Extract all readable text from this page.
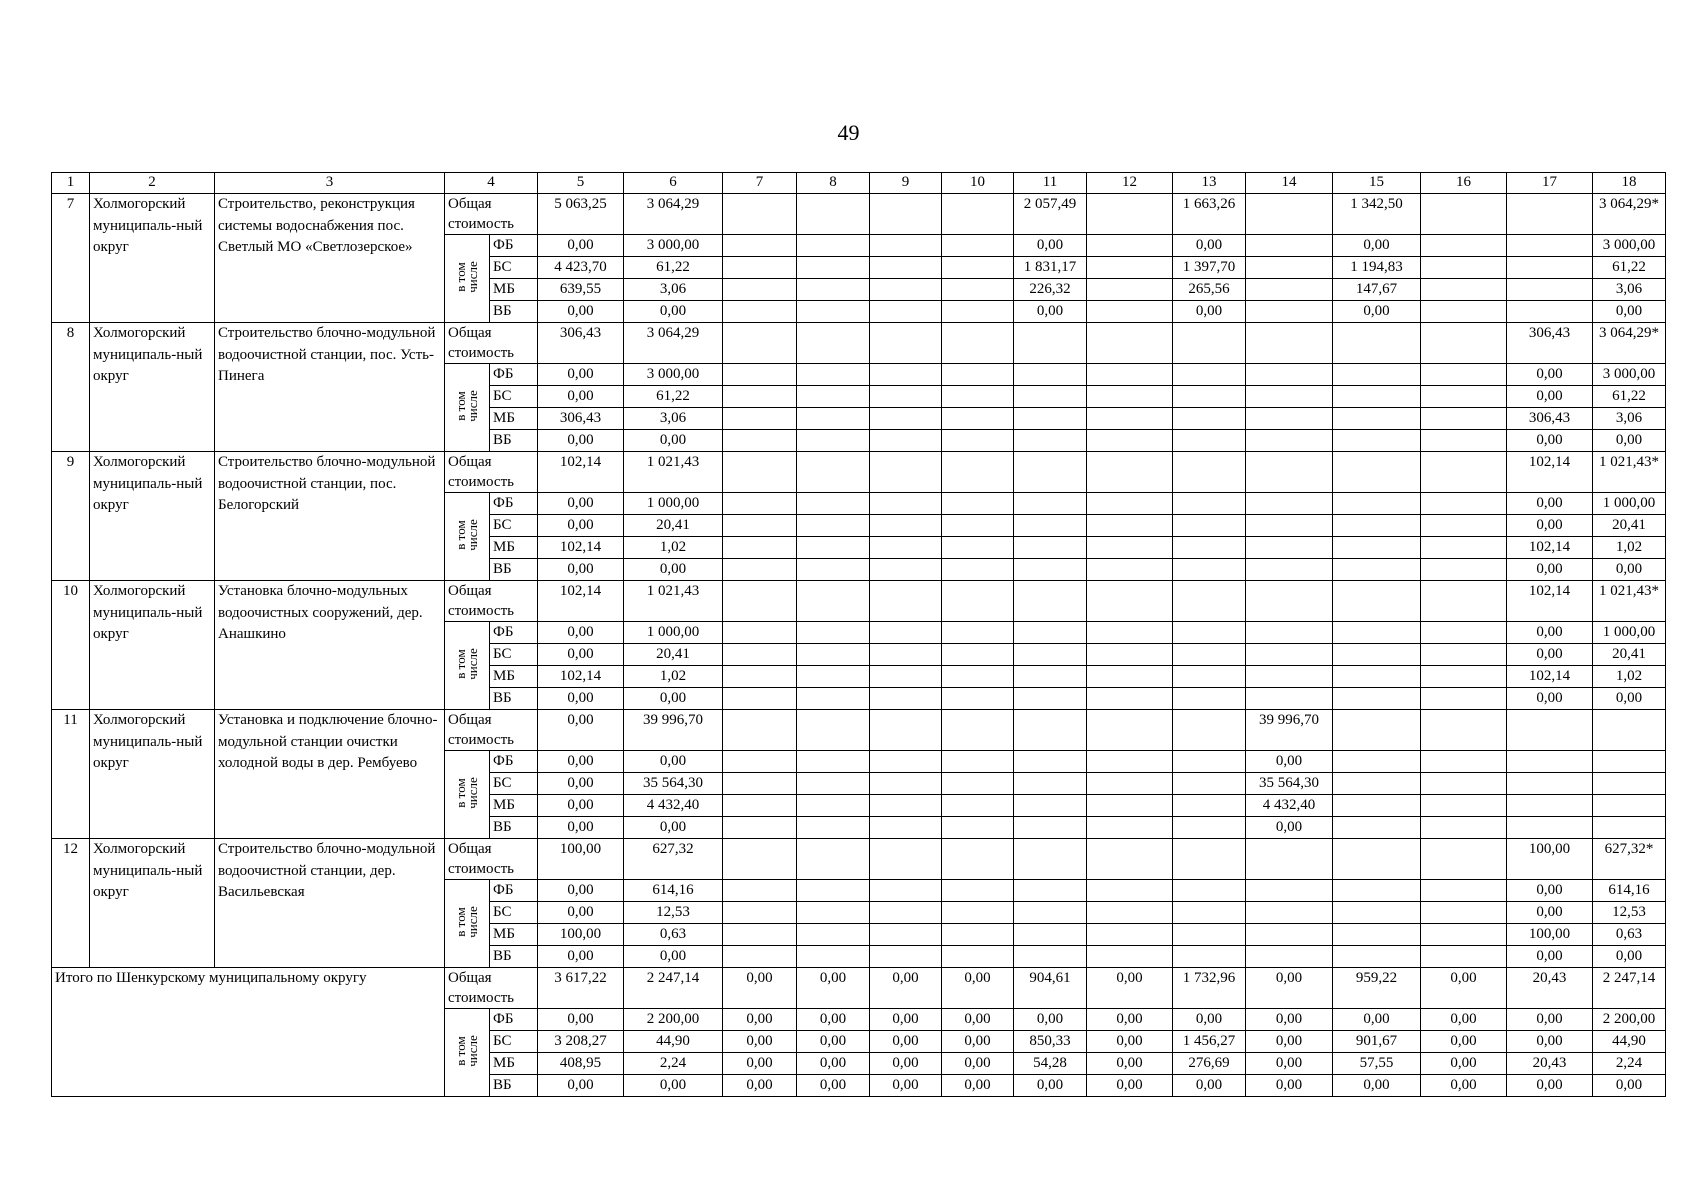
49
1	2	3	4		5	6	7	8	9	10	11	12	13	14	15	16	17	18
7	Холмогорский муниципаль-ный округ	Строительство, реконструкция системы водоснабжения пос. Светлый МО «Светлозерское»	Общая стоимость		5 063,25	3 064,29					2 057,49		1 663,26		1 342,50			3 064,29*

			в том числе	ФБ	0,00	3 000,00					0,00		0,00		0,00			3 000,00
				БС	4 423,70	61,22					1 831,17		1 397,70		1 194,83			61,22
				МБ	639,55	3,06					226,32		265,56		147,67			3,06
				ВБ	0,00	0,00					0,00		0,00		0,00			0,00
8	Холмогорский муниципаль-ный округ	Строительство блочно-модульной водоочистной станции, пос. Усть-Пинега	Общая стоимость		306,43	3 064,29											306,43	3 064,29*

			в том числе	ФБ	0,00	3 000,00											0,00	3 000,00
				БС	0,00	61,22											0,00	61,22
				МБ	306,43	3,06											306,43	3,06
				ВБ	0,00	0,00											0,00	0,00
9	Холмогорский муниципаль-ный округ	Строительство блочно-модульной водоочистной станции, пос. Белогорский	Общая стоимость		102,14	1 021,43											102,14	1 021,43*

			в том числе	ФБ	0,00	1 000,00											0,00	1 000,00
				БС	0,00	20,41											0,00	20,41
				МБ	102,14	1,02											102,14	1,02
				ВБ	0,00	0,00											0,00	0,00
10	Холмогорский муниципаль-ный округ	Установка блочно-модульных водоочистных сооружений, дер. Анашкино	Общая стоимость		102,14	1 021,43											102,14	1 021,43*

			в том числе	ФБ	0,00	1 000,00											0,00	1 000,00
				БС	0,00	20,41											0,00	20,41
				МБ	102,14	1,02											102,14	1,02
				ВБ	0,00	0,00											0,00	0,00
11	Холмогорский муниципаль-ный округ	Установка и подключение блочно-модульной станции очистки холодной воды в дер. Рембуево	Общая стоимость		0,00	39 996,70								39 996,70				

			в том числе	ФБ	0,00	0,00								0,00				
				БС	0,00	35 564,30								35 564,30				
				МБ	0,00	4 432,40								4 432,40				
				ВБ	0,00	0,00								0,00				
12	Холмогорский муниципаль-ный округ	Строительство блочно-модульной водоочистной станции, дер. Васильевская	Общая стоимость		100,00	627,32											100,00	627,32*

			в том числе	ФБ	0,00	614,16											0,00	614,16
				БС	0,00	12,53											0,00	12,53
				МБ	100,00	0,63											100,00	0,63
				ВБ	0,00	0,00											0,00	0,00
Итого по Шенкурскому муниципальному округу			Общая стоимость		3 617,22	2 247,14	0,00	0,00	0,00	0,00	904,61	0,00	1 732,96	0,00	959,22	0,00	20,43	2 247,14

			в том числе	ФБ	0,00	2 200,00	0,00	0,00	0,00	0,00	0,00	0,00	0,00	0,00	0,00	0,00	0,00	2 200,00
				БС	3 208,27	44,90	0,00	0,00	0,00	0,00	850,33	0,00	1 456,27	0,00	901,67	0,00	0,00	44,90
				МБ	408,95	2,24	0,00	0,00	0,00	0,00	54,28	0,00	276,69	0,00	57,55	0,00	20,43	2,24
				ВБ	0,00	0,00	0,00	0,00	0,00	0,00	0,00	0,00	0,00	0,00	0,00	0,00	0,00	0,00
